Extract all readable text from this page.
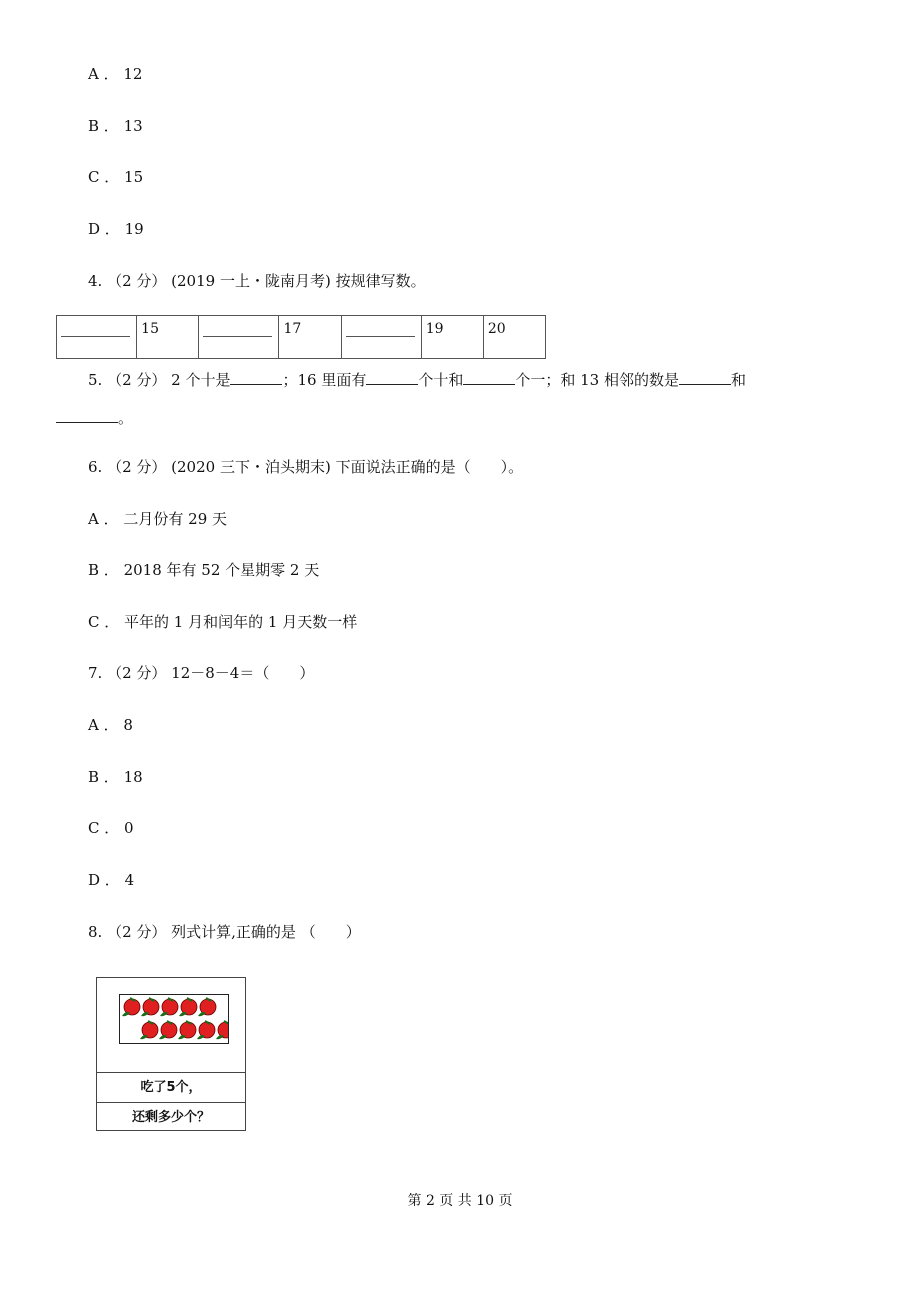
A ． 12
B ． 13
C ． 15
D ． 19
4. （2 分） (2019 一上・陇南月考) 按规律写数。
	15		17		19	20
5. （2 分） 2 个十是	；16 里面有	个十和	个一；和 13 相邻的数是	和
。
6. （2 分） (2020 三下・泊头期末) 下面说法正确的是（　　）。
A ． 二月份有 29 天
B ． 2018 年有 52 个星期零 2 天
C ． 平年的 1 月和闰年的 1 月天数一样
7. （2 分） 12－8－4＝（　　）
A ． 8
B ． 18
C ． 0
D ． 4
8. （2 分） 列式计算,正确的是 （　　）
吃了5个，
还剩多少个？
第 2 页 共 10 页
